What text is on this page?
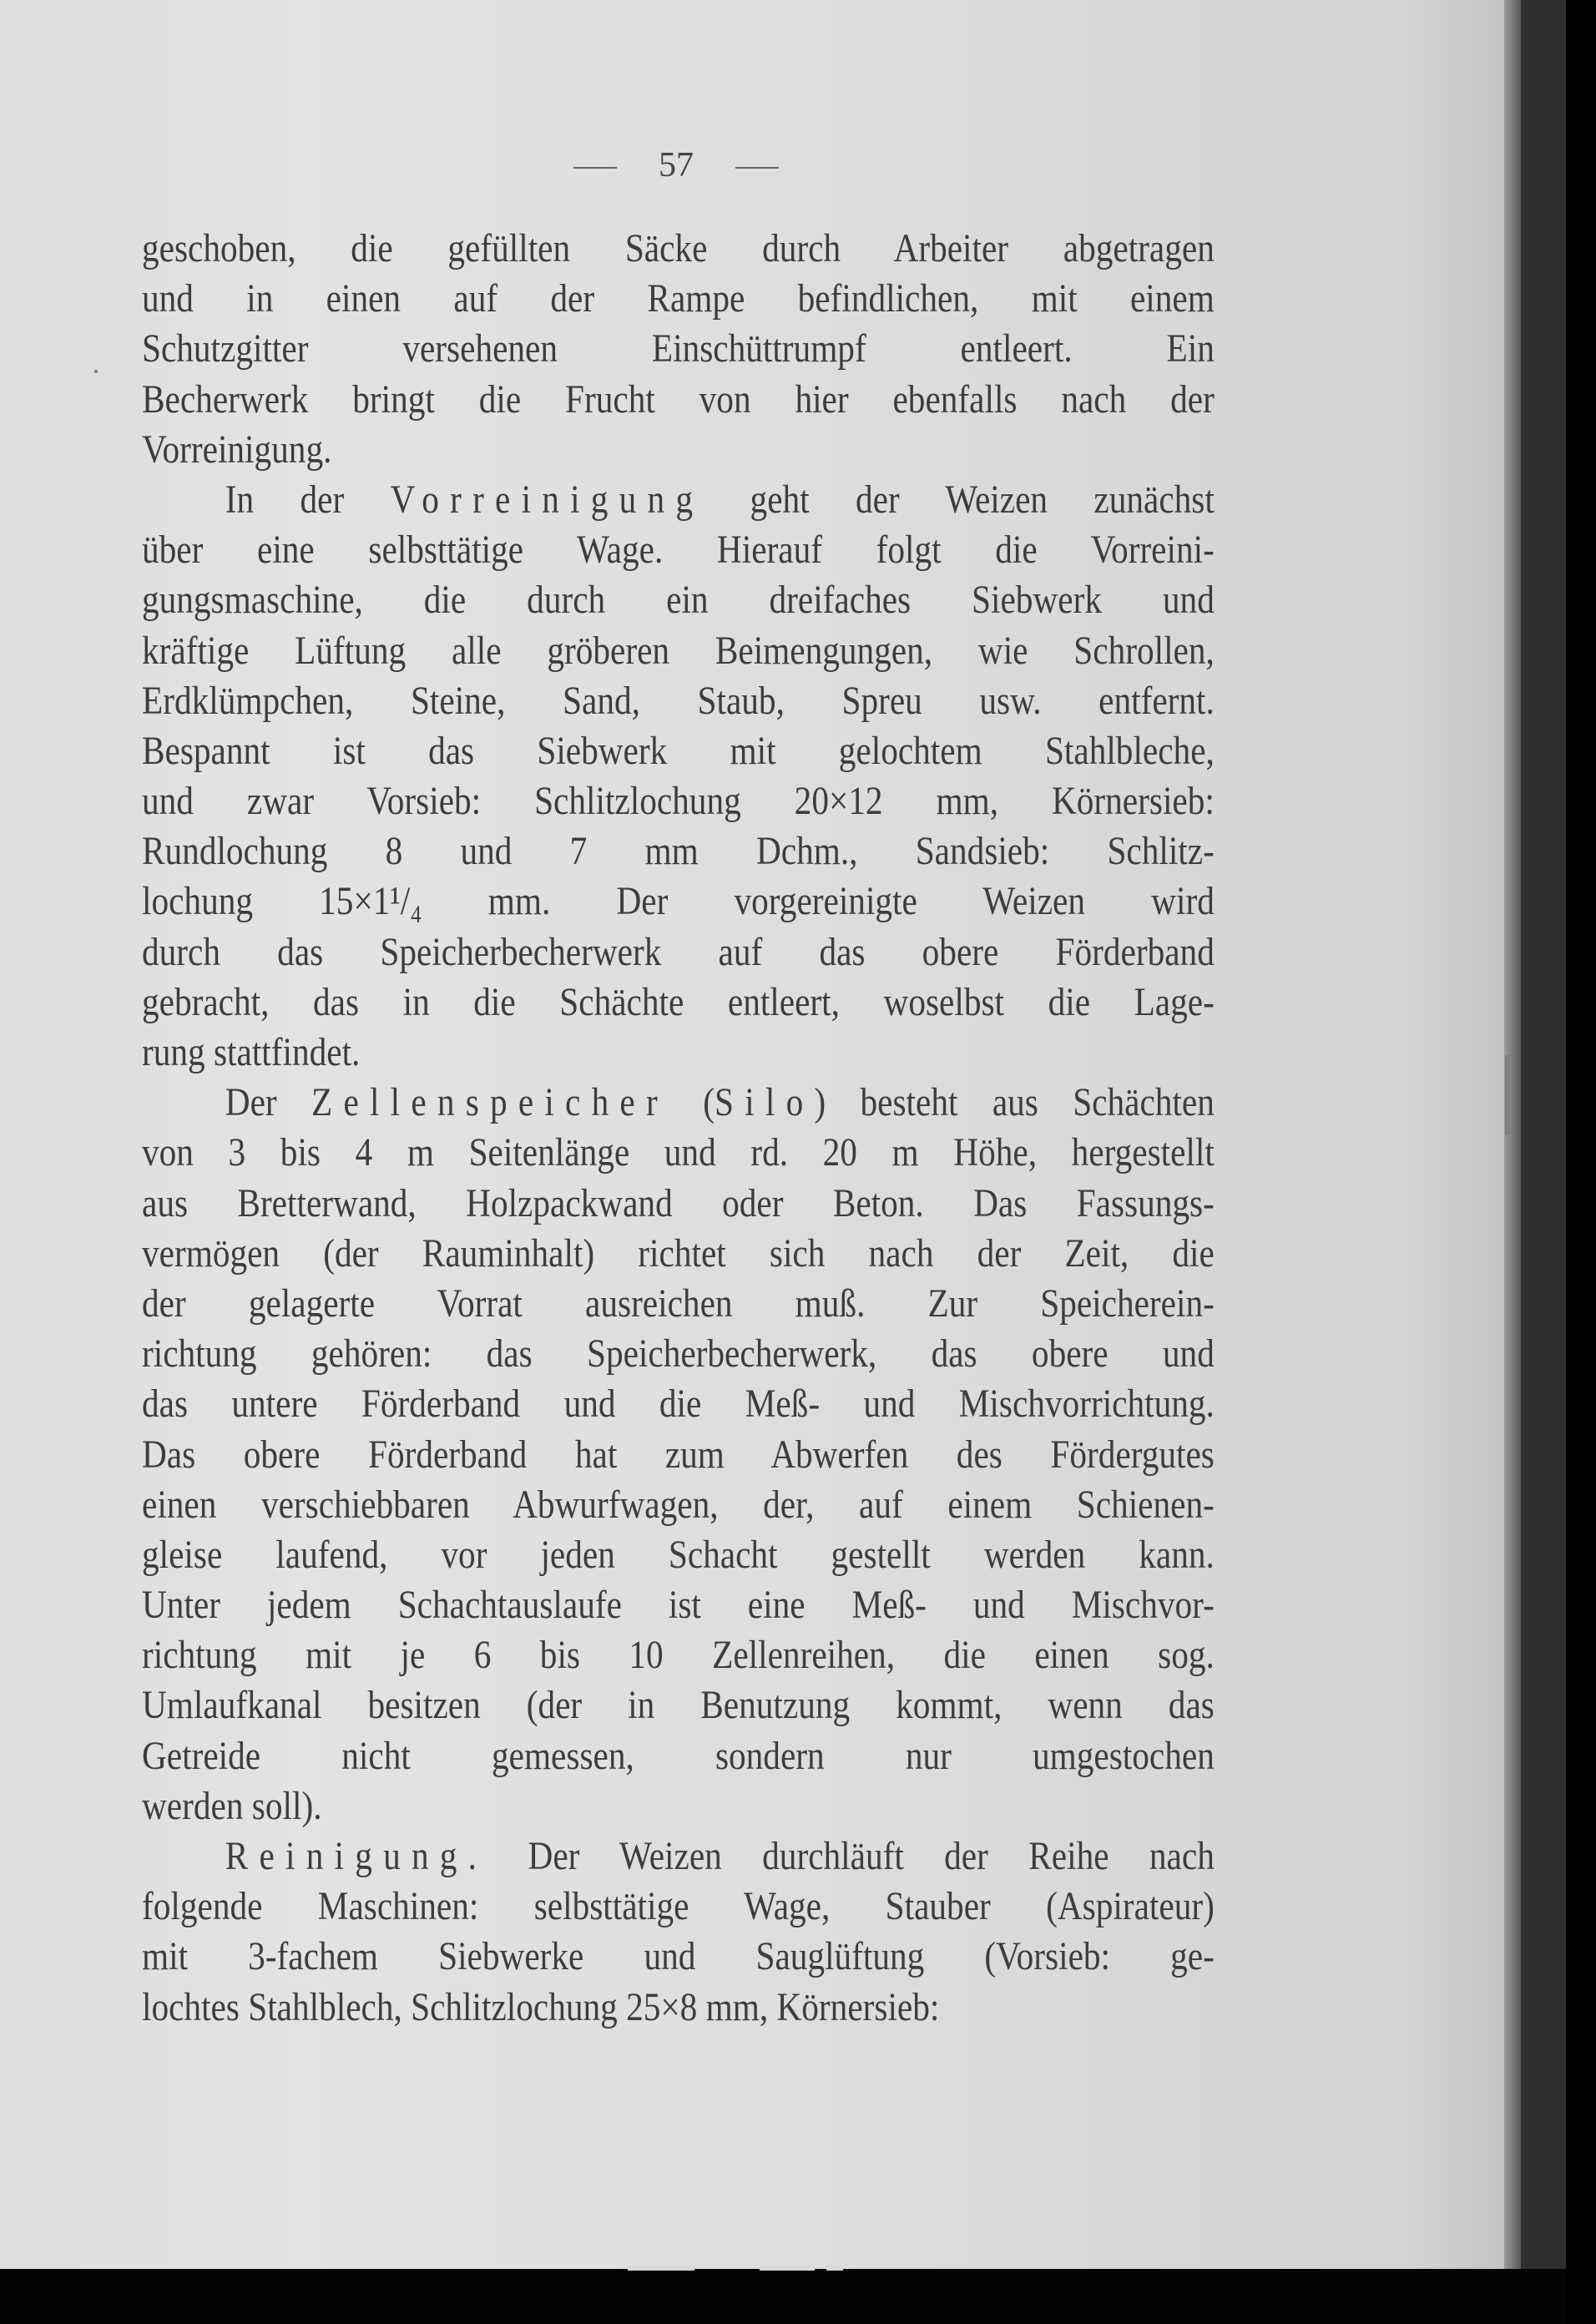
57
geschoben, die gefüllten Säcke durch Arbeiter abgetragen
und in einen auf der Rampe befindlichen, mit einem
Schutzgitter versehenen Einschüttrumpf entleert. Ein
Becherwerk bringt die Frucht von hier ebenfalls nach der
Vorreinigung.
In der Vorreinigung geht der Weizen zunächst
über eine selbsttätige Wage. Hierauf folgt die Vorreini-
gungsmaschine, die durch ein dreifaches Siebwerk und
kräftige Lüftung alle gröberen Beimengungen, wie Schrollen,
Erdklümpchen, Steine, Sand, Staub, Spreu usw. entfernt.
Bespannt ist das Siebwerk mit gelochtem Stahlbleche,
und zwar Vorsieb: Schlitzlochung 20×12 mm, Körnersieb:
Rundlochung 8 und 7 mm Dchm., Sandsieb: Schlitz-
lochung 15×1¹/₄ mm. Der vorgereinigte Weizen wird
durch das Speicherbecherwerk auf das obere Förderband
gebracht, das in die Schächte entleert, woselbst die Lage-
rung stattfindet.
Der Zellenspeicher (Silo) besteht aus Schächten
von 3 bis 4 m Seitenlänge und rd. 20 m Höhe, hergestellt
aus Bretterwand, Holzpackwand oder Beton. Das Fassungs-
vermögen (der Rauminhalt) richtet sich nach der Zeit, die
der gelagerte Vorrat ausreichen muß. Zur Speicherein-
richtung gehören: das Speicherbecherwerk, das obere und
das untere Förderband und die Meß- und Mischvorrichtung.
Das obere Förderband hat zum Abwerfen des Fördergutes
einen verschiebbaren Abwurfwagen, der, auf einem Schienen-
gleise laufend, vor jeden Schacht gestellt werden kann.
Unter jedem Schachtauslaufe ist eine Meß- und Mischvor-
richtung mit je 6 bis 10 Zellenreihen, die einen sog.
Umlaufkanal besitzen (der in Benutzung kommt, wenn das
Getreide nicht gemessen, sondern nur umgestochen
werden soll).
Reinigung. Der Weizen durchläuft der Reihe nach
folgende Maschinen: selbsttätige Wage, Stauber (Aspirateur)
mit 3-fachem Siebwerke und Sauglüftung (Vorsieb: ge-
lochtes Stahlblech, Schlitzlochung 25×8 mm, Körnersieb:
